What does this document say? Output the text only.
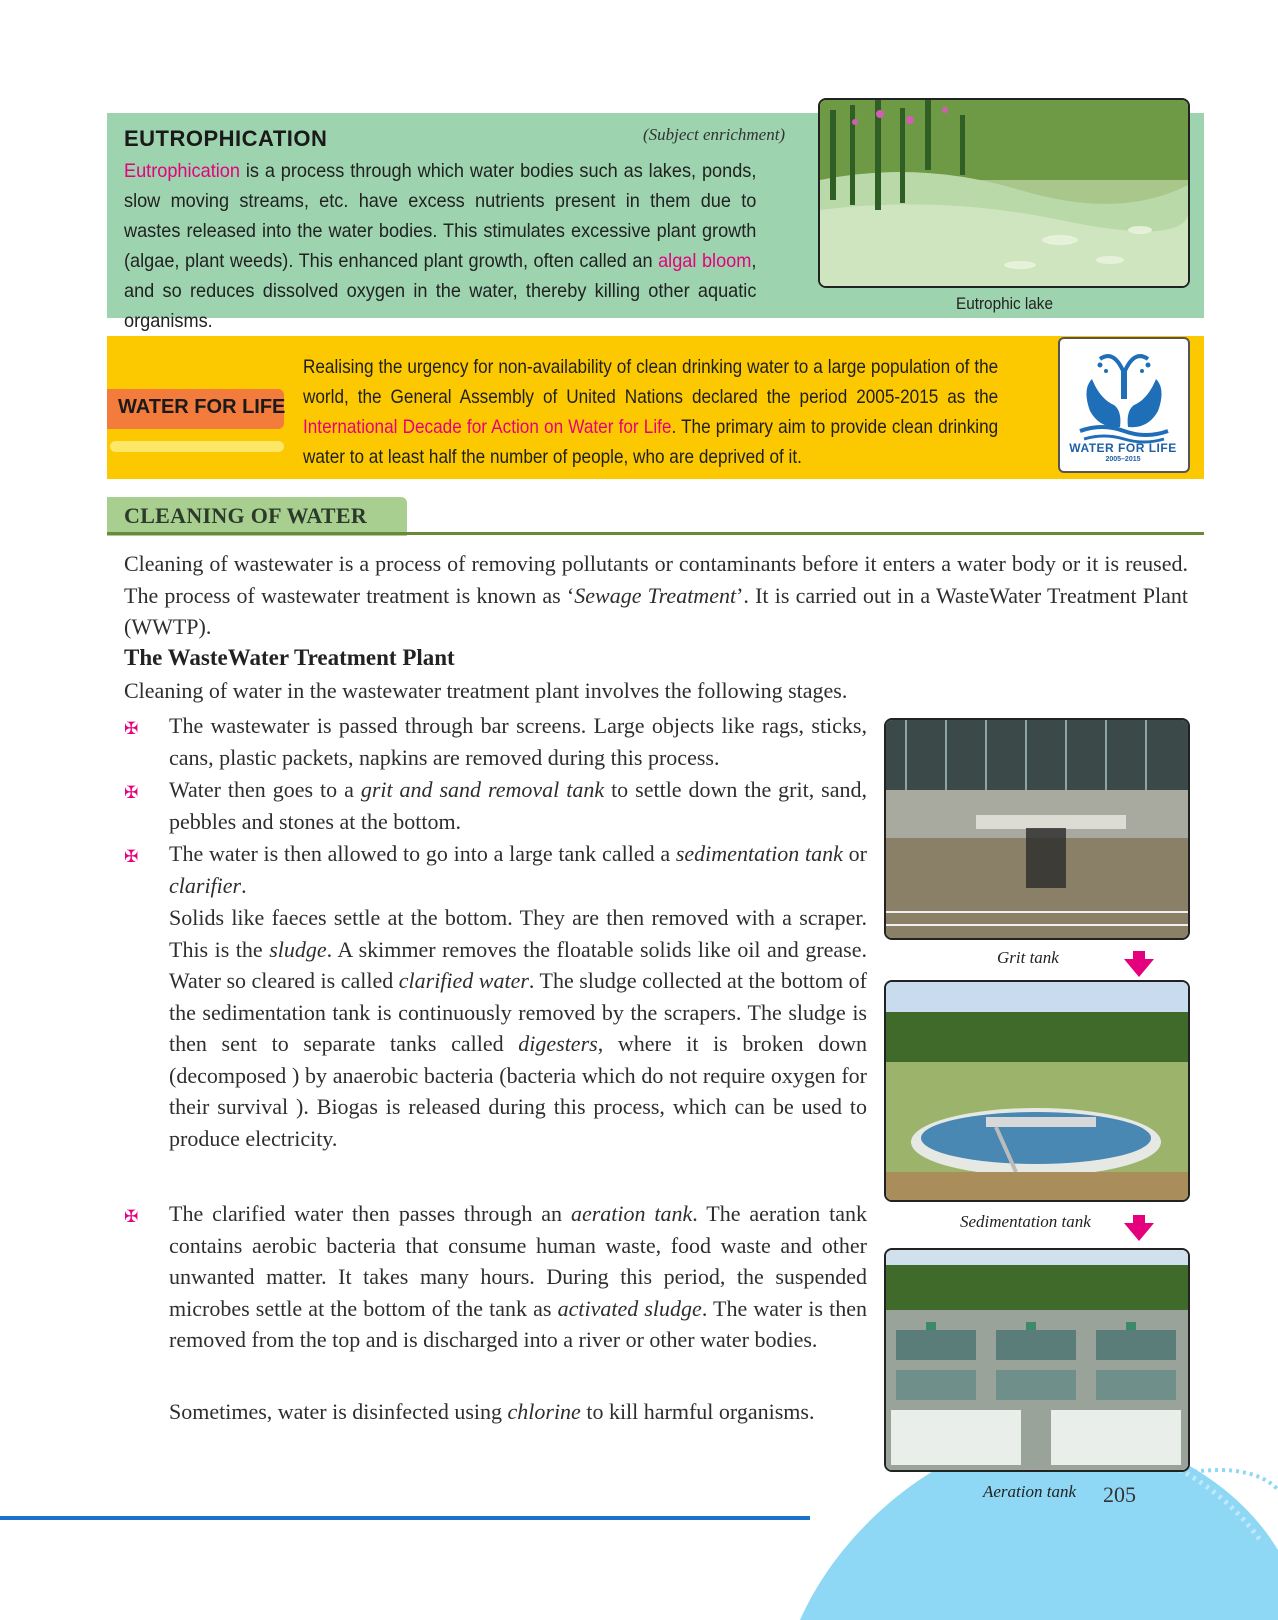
EUTROPHICATION	(Subject enrichment)
Eutrophication is a process through which water bodies such as lakes, ponds, slow moving streams, etc. have excess nutrients present in them due to wastes released into the water bodies. This stimulates excessive plant growth (algae, plant weeds). This enhanced plant growth, often called an algal bloom, and so reduces dissolved oxygen in the water, thereby killing other aquatic organisms.
Eutrophic lake
WATER FOR LIFE
Realising the urgency for non-availability of clean drinking water to a large population of the world, the General Assembly of United Nations declared the period 2005-2015 as the International Decade for Action on Water for Life. The primary aim to provide clean drinking water to at least half the number of people, who are deprived of it.	WATER FOR LIFE
2005–2015
CLEANING OF WATER
Cleaning of wastewater is a process of removing pollutants or contaminants before it enters a water body or it is reused. The process of wastewater treatment is known as ‘Sewage Treatment’. It is carried out in a WasteWater Treatment Plant (WWTP).
The WasteWater Treatment Plant
Cleaning of water in the wastewater treatment plant involves the following stages.
✠ The wastewater is passed through bar screens. Large objects like rags, sticks, cans, plastic packets, napkins are removed during this process.
✠ Water then goes to a grit and sand removal tank to settle down the grit, sand, pebbles and stones at the bottom.
✠ The water is then allowed to go into a large tank called a sedimentation tank or clarifier.
Solids like faeces settle at the bottom. They are then removed with a scraper. This is the sludge. A skimmer removes the floatable solids like oil and grease. Water so cleared is called clarified water. The sludge collected at the bottom of the sedimentation tank is continuously removed by the scrapers. The sludge is then sent to separate tanks called digesters, where it is broken down (decomposed ) by anaerobic bacteria (bacteria which do not require oxygen for their survival ). Biogas is released during this process, which can be used to produce electricity.
✠ The clarified water then passes through an aeration tank. The aeration tank contains aerobic bacteria that consume human waste, food waste and other unwanted matter. It takes many hours. During this period, the suspended microbes settle at the bottom of the tank as activated sludge. The water is then removed from the top and is discharged into a river or other water bodies.
Sometimes, water is disinfected using chlorine to kill harmful organisms.
Grit tank
Sedimentation tank
Aeration tank 205
